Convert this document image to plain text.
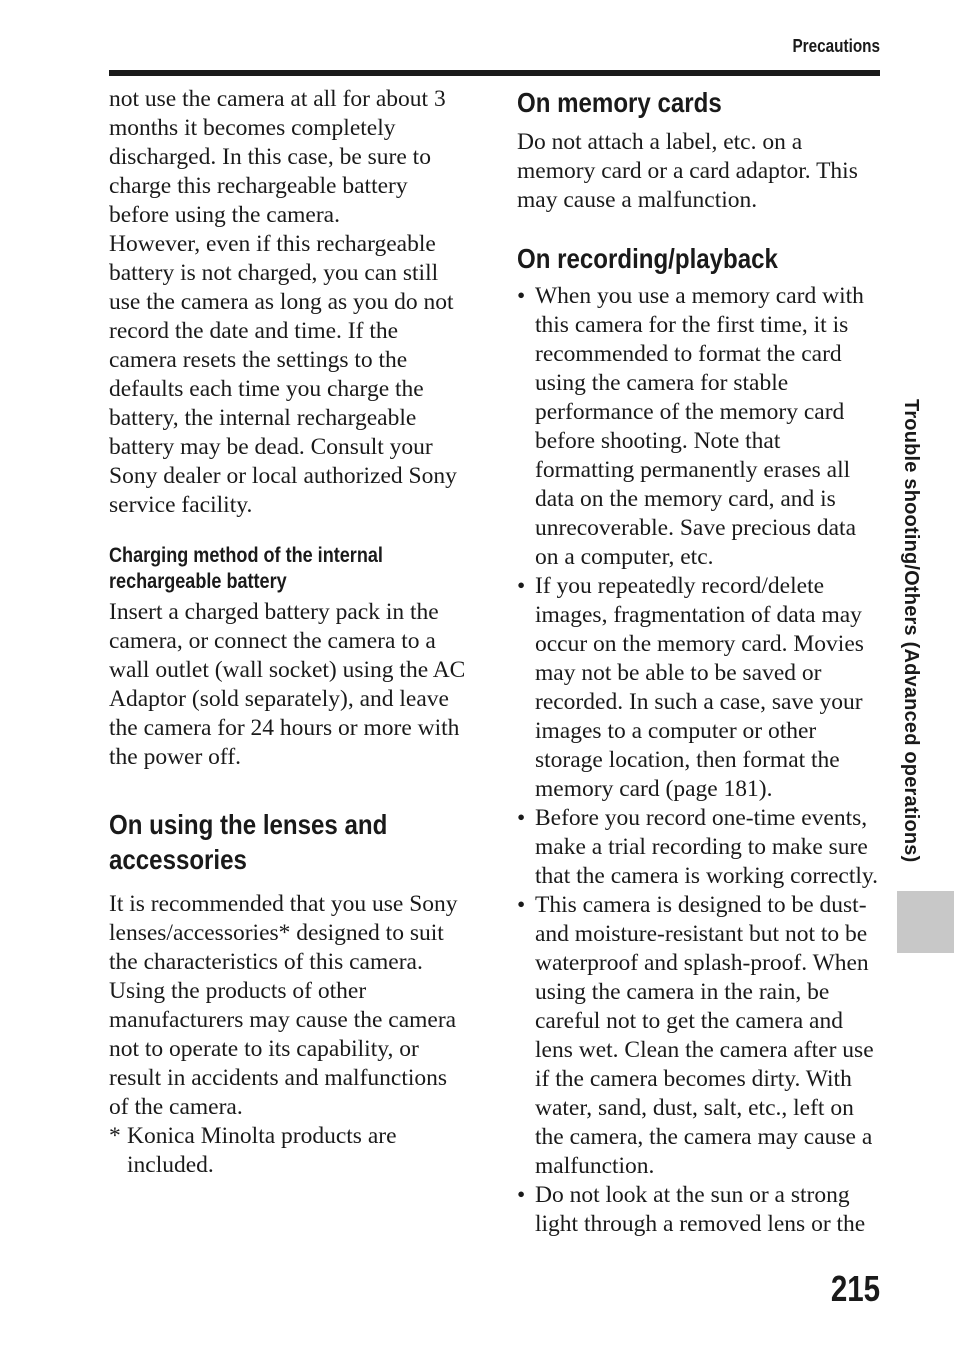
Precautions

not use the camera at all for about 3 months it becomes completely discharged. In this case, be sure to charge this rechargeable battery before using the camera.

However, even if this rechargeable battery is not charged, you can still use the camera as long as you do not record the date and time. If the camera resets the settings to the defaults each time you charge the battery, the internal rechargeable battery may be dead. Consult your Sony dealer or local authorized Sony service facility.

Charging method of the internal rechargeable battery

Insert a charged battery pack in the camera, or connect the camera to a wall outlet (wall socket) using the AC Adaptor (sold separately), and leave the camera for 24 hours or more with the power off.

On using the lenses and accessories

It is recommended that you use Sony lenses/accessories* designed to suit the characteristics of this camera. Using the products of other manufacturers may cause the camera not to operate to its capability, or result in accidents and malfunctions of the camera.

* Konica Minolta products are included.
On memory cards

Do not attach a label, etc. on a memory card or a card adaptor. This may cause a malfunction.

On recording/playback
• When you use a memory card with this camera for the first time, it is recommended to format the card using the camera for stable performance of the memory card before shooting. Note that formatting permanently erases all data on the memory card, and is unrecoverable. Save precious data on a computer, etc.
• If you repeatedly record/delete images, fragmentation of data may occur on the memory card. Movies may not be able to be saved or recorded. In such a case, save your images to a computer or other storage location, then format the memory card (page 181).
• Before you record one-time events, make a trial recording to make sure that the camera is working correctly.
• This camera is designed to be dust- and moisture-resistant but not to be waterproof and splash-proof. When using the camera in the rain, be careful not to get the camera and lens wet. Clean the camera after use if the camera becomes dirty. With water, sand, dust, salt, etc., left on the camera, the camera may cause a malfunction.
• Do not look at the sun or a strong light through a removed lens or the
Trouble shooting/Others (Advanced operations)
215
